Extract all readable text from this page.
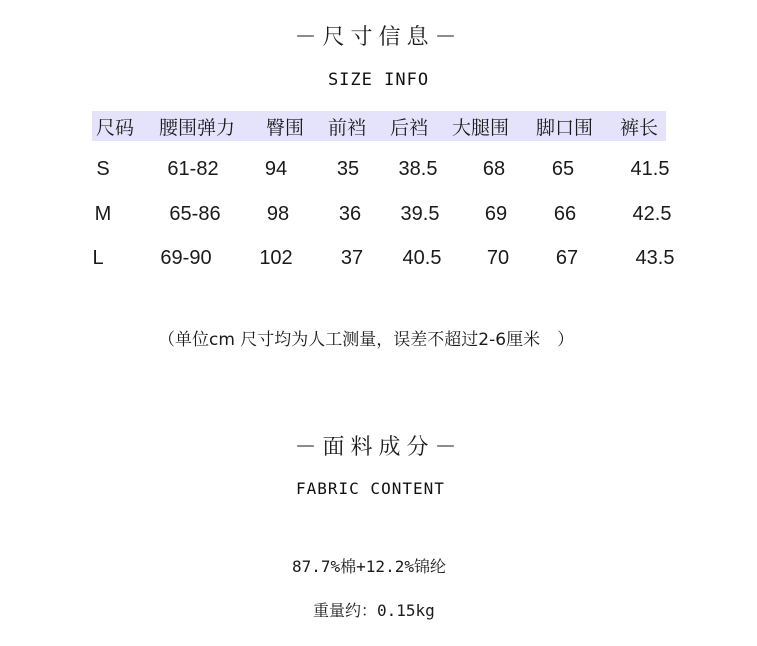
－尺寸信息－
SIZE INFO
尺码 腰围弹力 臀围 前裆 后裆 大腿围 脚口围 裤长
S	61-82	94	35	38.5	68	65	41.5
M	65-86	98	36	39.5	69	66	42.5
L	69-90	102	37	40.5	70	67	43.5
（单位cm 尺寸均为人工测量，误差不超过2-6厘米　）
－面料成分－
FABRIC CONTENT
87.7%棉+12.2%锦纶
重量约：0.15kg
